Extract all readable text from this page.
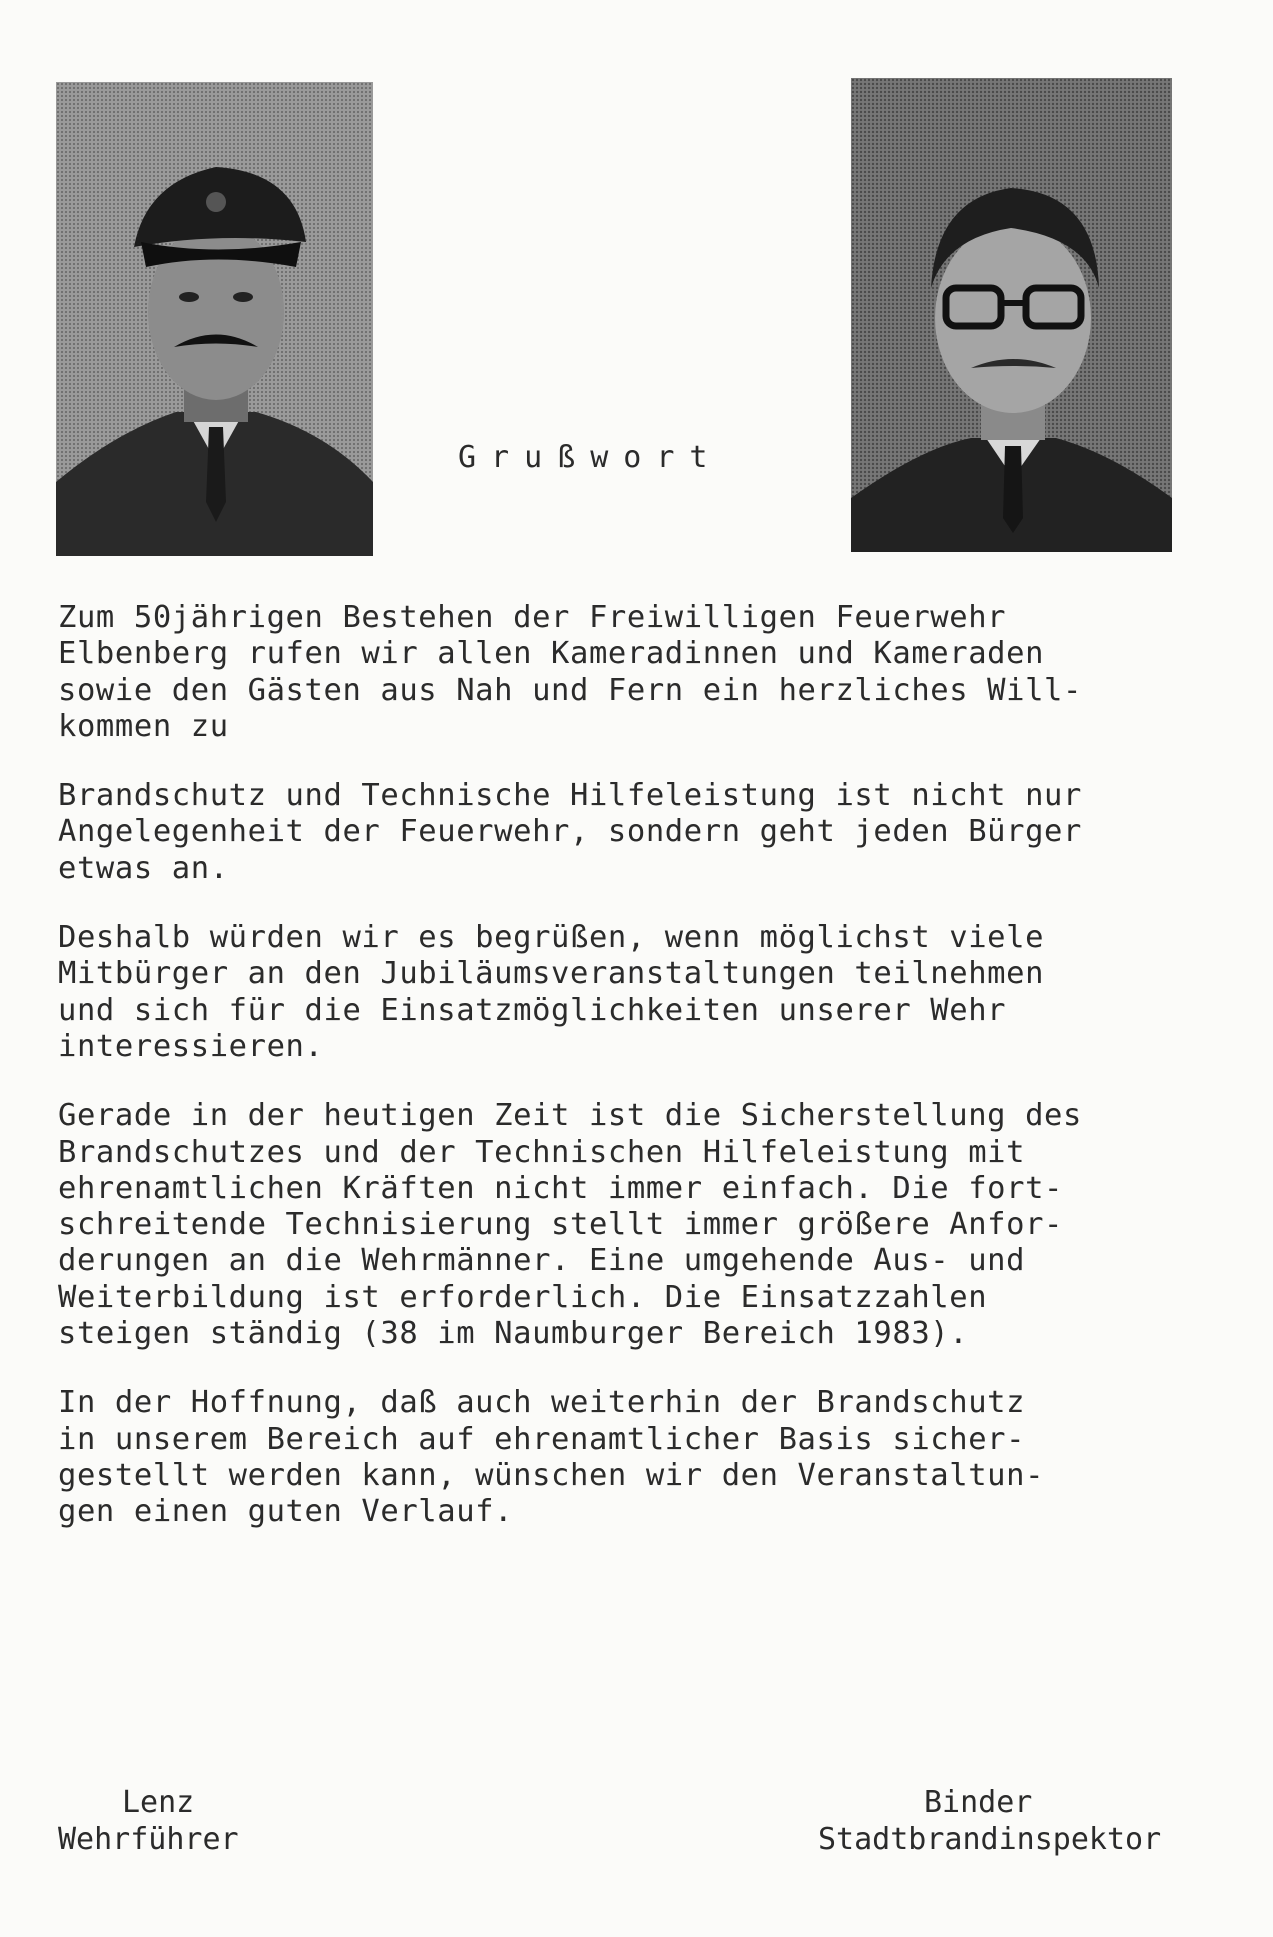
Grußwort

Zum 50jährigen Bestehen der Freiwilligen Feuerwehr
Elbenberg rufen wir allen Kameradinnen und Kameraden
sowie den Gästen aus Nah und Fern ein herzliches Will-
kommen zu

Brandschutz und Technische Hilfeleistung ist nicht nur
Angelegenheit der Feuerwehr, sondern geht jeden Bürger
etwas an.

Deshalb würden wir es begrüßen, wenn möglichst viele
Mitbürger an den Jubiläumsveranstaltungen teilnehmen
und sich für die Einsatzmöglichkeiten unserer Wehr
interessieren.

Gerade in der heutigen Zeit ist die Sicherstellung des
Brandschutzes und der Technischen Hilfeleistung mit
ehrenamtlichen Kräften nicht immer einfach. Die fort-
schreitende Technisierung stellt immer größere Anfor-
derungen an die Wehrmänner. Eine umgehende Aus- und
Weiterbildung ist erforderlich. Die Einsatzzahlen
steigen ständig (38 im Naumburger Bereich 1983).

In der Hoffnung, daß auch weiterhin der Brandschutz
in unserem Bereich auf ehrenamtlicher Basis sicher-
gestellt werden kann, wünschen wir den Veranstaltun-
gen einen guten Verlauf.

Lenz
Wehrführer
Binder
Stadtbrandinspektor
